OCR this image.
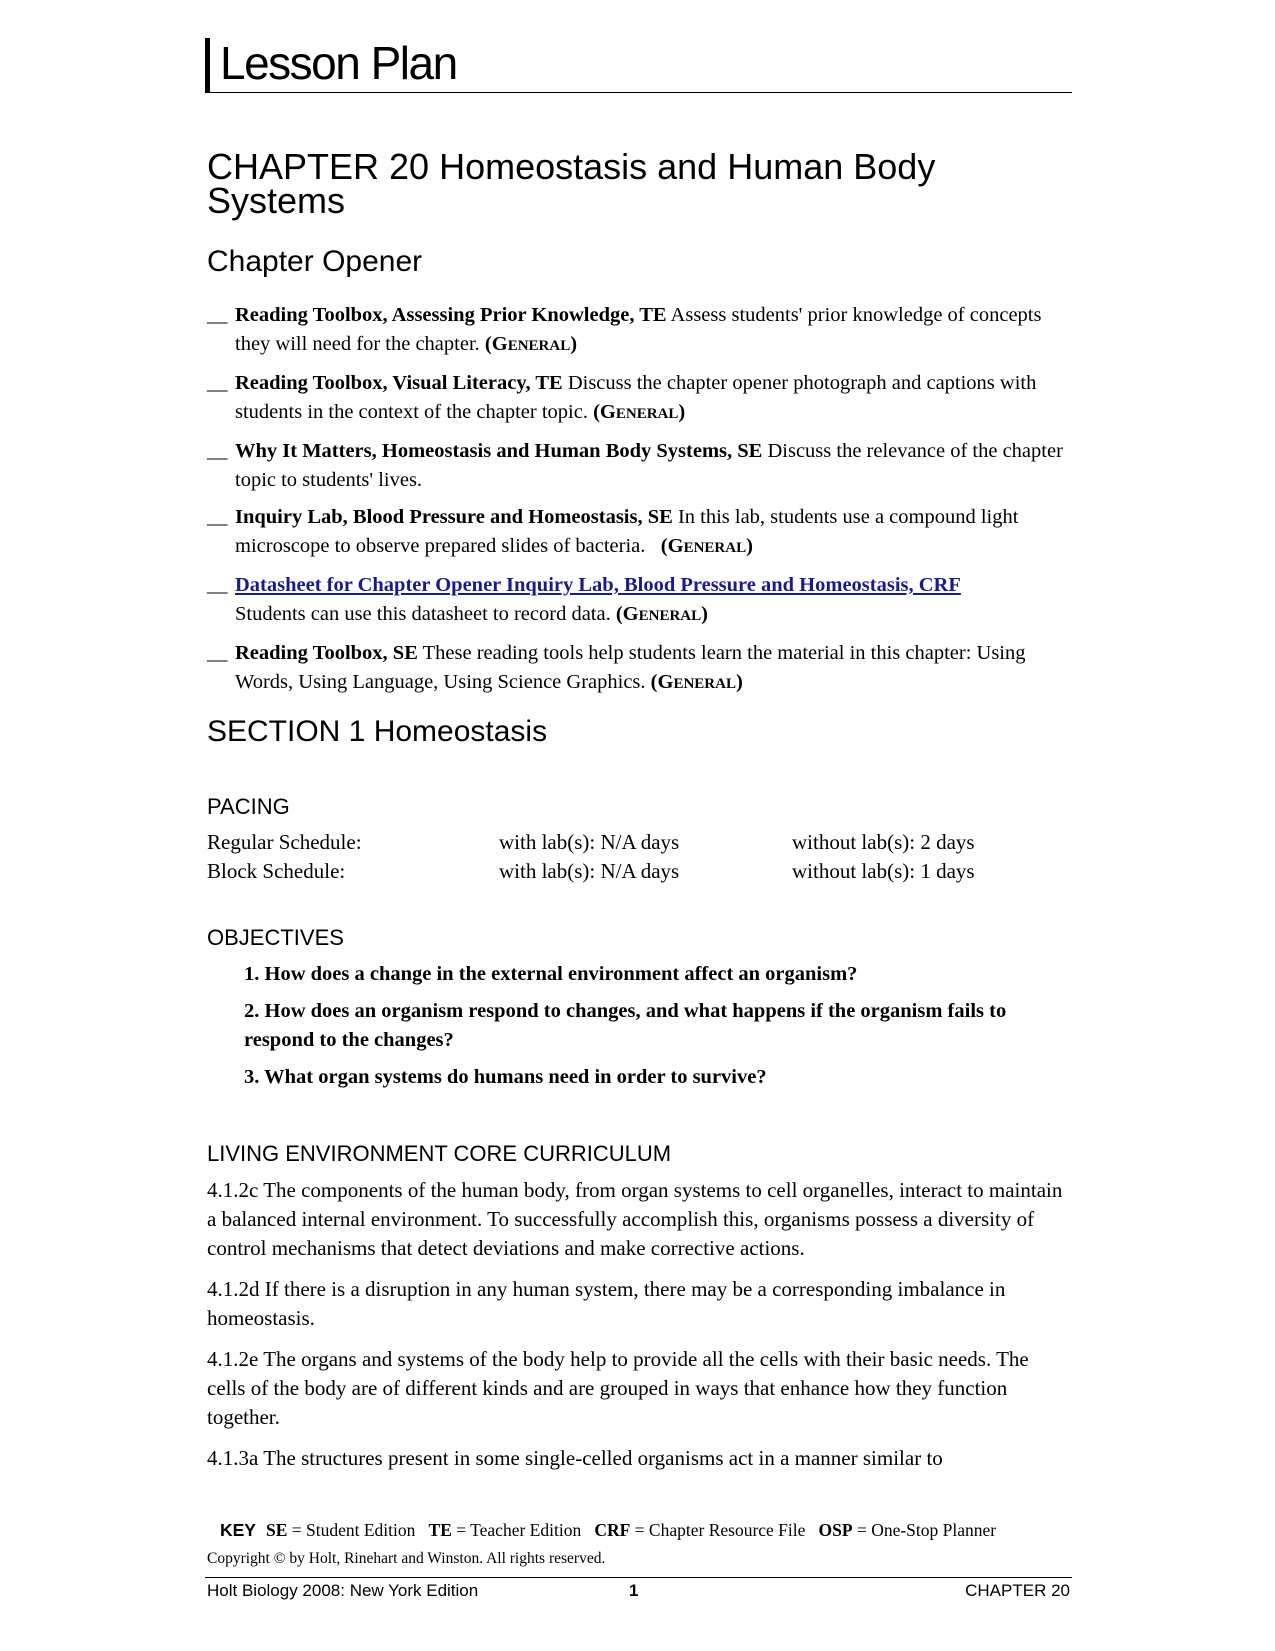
Lesson Plan
CHAPTER 20 Homeostasis and Human Body Systems
Chapter Opener
__ Reading Toolbox, Assessing Prior Knowledge, TE Assess students' prior knowledge of concepts they will need for the chapter. (GENERAL)
__ Reading Toolbox, Visual Literacy, TE Discuss the chapter opener photograph and captions with students in the context of the chapter topic. (GENERAL)
__ Why It Matters, Homeostasis and Human Body Systems, SE Discuss the relevance of the chapter topic to students' lives.
__ Inquiry Lab, Blood Pressure and Homeostasis, SE In this lab, students use a compound light microscope to observe prepared slides of bacteria.   (GENERAL)
__ Datasheet for Chapter Opener Inquiry Lab, Blood Pressure and Homeostasis, CRF
Students can use this datasheet to record data. (GENERAL)
__ Reading Toolbox, SE These reading tools help students learn the material in this chapter: Using Words, Using Language, Using Science Graphics. (GENERAL)
SECTION 1 Homeostasis
PACING
Regular Schedule:	with lab(s): N/A days	without lab(s): 2 days
Block Schedule:	with lab(s): N/A days	without lab(s): 1 days
OBJECTIVES
1. How does a change in the external environment affect an organism?
2. How does an organism respond to changes, and what happens if the organism fails to respond to the changes?
3. What organ systems do humans need in order to survive?
LIVING ENVIRONMENT CORE CURRICULUM

4.1.2c The components of the human body, from organ systems to cell organelles, interact to maintain a balanced internal environment. To successfully accomplish this, organisms possess a diversity of control mechanisms that detect deviations and make corrective actions.

4.1.2d If there is a disruption in any human system, there may be a corresponding imbalance in homeostasis.

4.1.2e The organs and systems of the body help to provide all the cells with their basic needs. The cells of the body are of different kinds and are grouped in ways that enhance how they function together.

4.1.3a The structures present in some single-celled organisms act in a manner similar to

KEY SE = Student Edition   TE = Teacher Edition   CRF = Chapter Resource File   OSP = One-Stop Planner
Copyright © by Holt, Rinehart and Winston. All rights reserved.
Holt Biology 2008: New York Edition	1	CHAPTER 20
